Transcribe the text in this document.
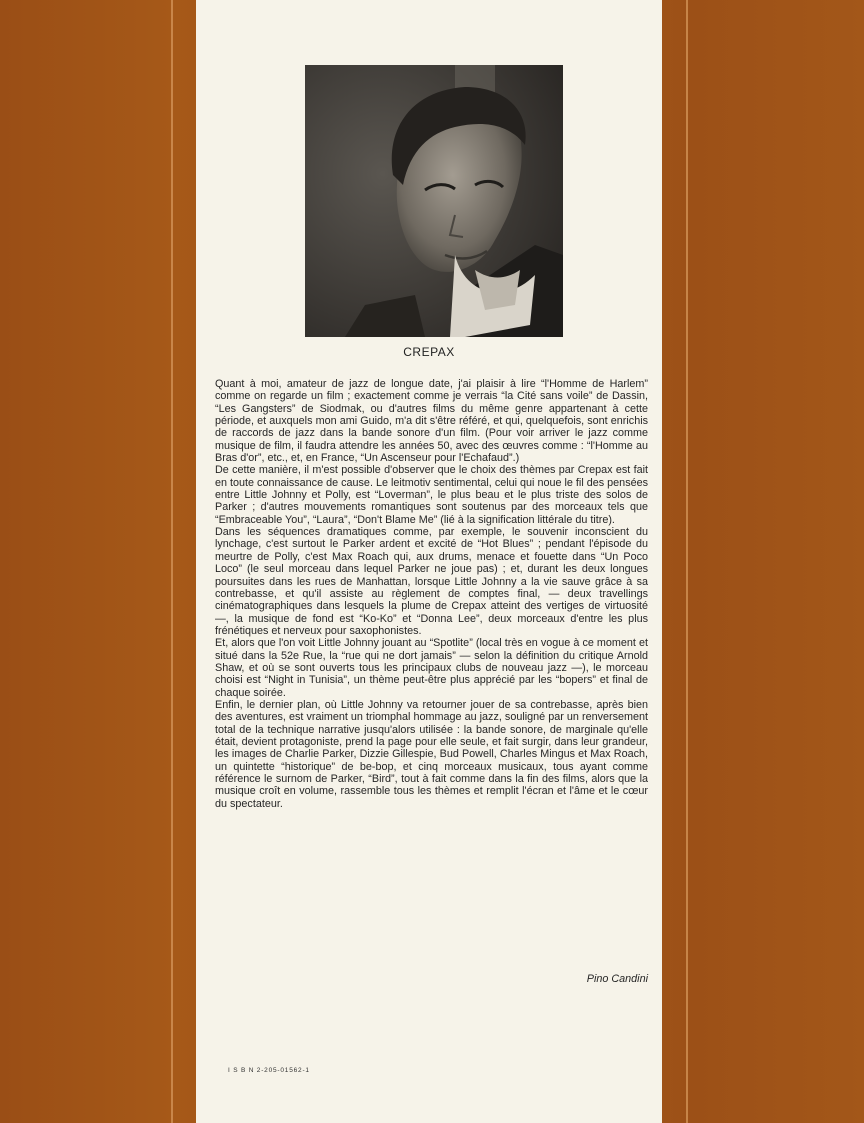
CREPAX

Quant à moi, amateur de jazz de longue date, j'ai plaisir à lire “l'Homme de Harlem” comme on regarde un film ; exactement comme je verrais “la Cité sans voile” de Dassin, “Les Gangsters” de Siodmak, ou d'autres films du même genre appartenant à cette période, et auxquels mon ami Guido, m'a dit s'être référé, et qui, quelquefois, sont enrichis de raccords de jazz dans la bande sonore d'un film. (Pour voir arriver le jazz comme musique de film, il faudra attendre les années 50, avec des œuvres comme : “l'Homme au Bras d'or”, etc., et, en France, “Un Ascenseur pour l'Echafaud”.)

De cette manière, il m'est possible d'observer que le choix des thèmes par Crepax est fait en toute connaissance de cause. Le leitmotiv sentimental, celui qui noue le fil des pensées entre Little Johnny et Polly, est “Loverman”, le plus beau et le plus triste des solos de Parker ; d'autres mouvements romantiques sont soutenus par des morceaux tels que “Embraceable You”, “Laura”, “Don't Blame Me” (lié à la signification littérale du titre).

Dans les séquences dramatiques comme, par exemple, le souvenir inconscient du lynchage, c'est surtout le Parker ardent et excité de “Hot Blues” ; pendant l'épisode du meurtre de Polly, c'est Max Roach qui, aux drums, menace et fouette dans “Un Poco Loco” (le seul morceau dans lequel Parker ne joue pas) ; et, durant les deux longues poursuites dans les rues de Manhattan, lorsque Little Johnny a la vie sauve grâce à sa contrebasse, et qu'il assiste au règlement de comptes final, — deux travellings cinématographiques dans lesquels la plume de Crepax atteint des vertiges de virtuosité —, la musique de fond est “Ko-Ko” et “Donna Lee”, deux morceaux d'entre les plus frénétiques et nerveux pour saxophonistes.

Et, alors que l'on voit Little Johnny jouant au “Spotlite” (local très en vogue à ce moment et situé dans la 52e Rue, la “rue qui ne dort jamais” — selon la définition du critique Arnold Shaw, et où se sont ouverts tous les principaux clubs de nouveau jazz —), le morceau choisi est “Night in Tunisia”, un thème peut-être plus apprécié par les “bopers” et final de chaque soirée.

Enfin, le dernier plan, où Little Johnny va retourner jouer de sa contrebasse, après bien des aventures, est vraiment un triomphal hommage au jazz, souligné par un renversement total de la technique narrative jusqu'alors utilisée : la bande sonore, de marginale qu'elle était, devient protagoniste, prend la page pour elle seule, et fait surgir, dans leur grandeur, les images de Charlie Parker, Dizzie Gillespie, Bud Powell, Charles Mingus et Max Roach, un quintette “historique” de be-bop, et cinq morceaux musicaux, tous ayant comme référence le surnom de Parker, “Bird”, tout à fait comme dans la fin des films, alors que la musique croît en volume, rassemble tous les thèmes et remplit l'écran et l'âme et le cœur du spectateur.

Pino Candini
I S B N 2-205-01562-1
